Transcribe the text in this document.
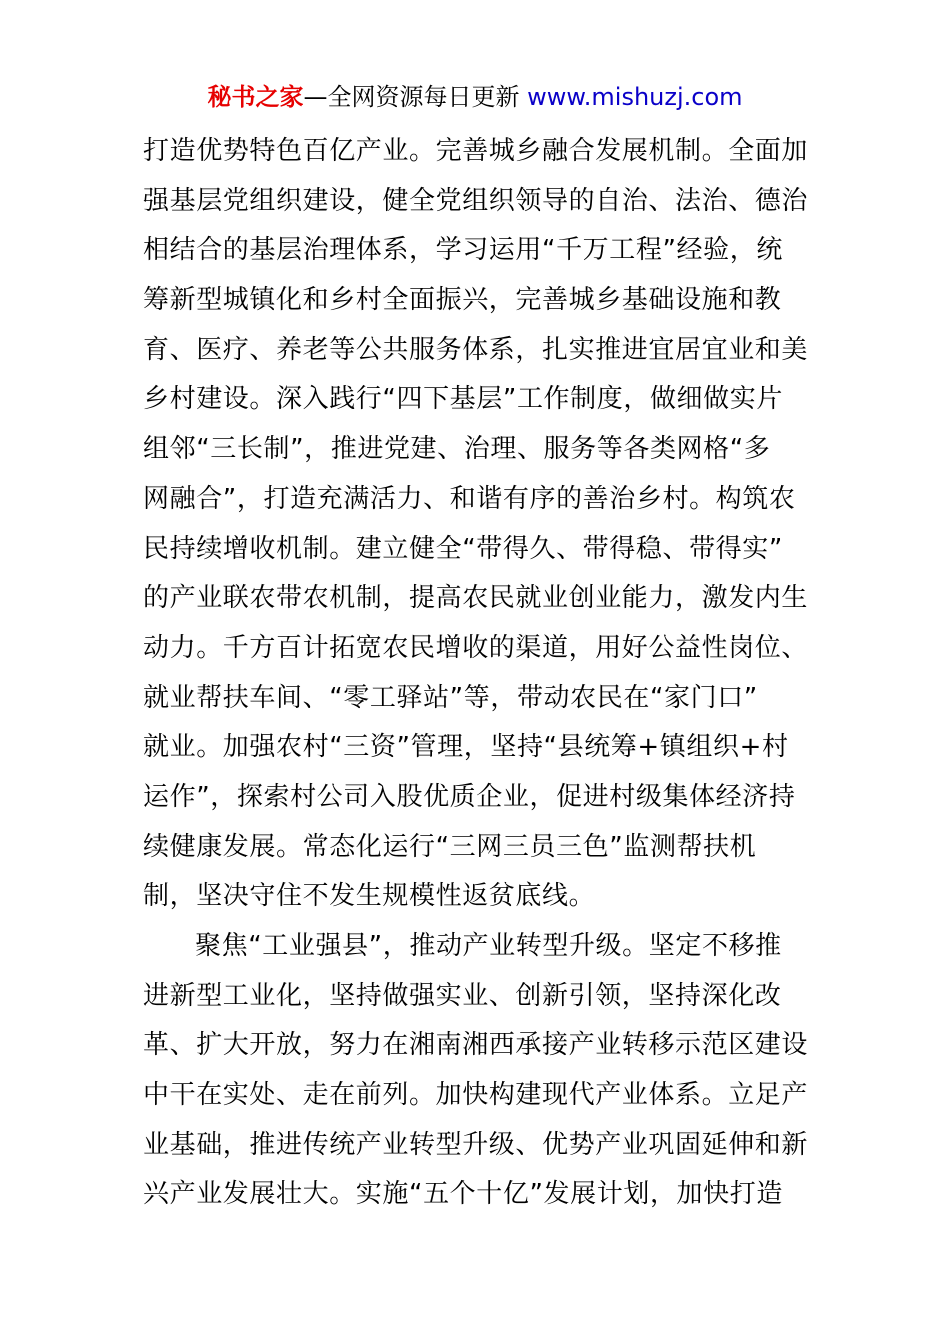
秘书之家—全网资源每日更新 www.mishuzj.com
打造优势特色百亿产业。完善城乡融合发展机制。全面加
强基层党组织建设，健全党组织领导的自治、法治、德治
相结合的基层治理体系，学习运用“千万工程”经验，统
筹新型城镇化和乡村全面振兴，完善城乡基础设施和教
育、医疗、养老等公共服务体系，扎实推进宜居宜业和美
乡村建设。深入践行“四下基层”工作制度，做细做实片
组邻“三长制”，推进党建、治理、服务等各类网格“多
网融合”，打造充满活力、和谐有序的善治乡村。构筑农
民持续增收机制。建立健全“带得久、带得稳、带得实”
的产业联农带农机制，提高农民就业创业能力，激发内生
动力。千方百计拓宽农民增收的渠道，用好公益性岗位、
就业帮扶车间、“零工驿站”等，带动农民在“家门口”
就业。加强农村“三资”管理，坚持“县统筹+镇组织+村
运作”，探索村公司入股优质企业，促进村级集体经济持
续健康发展。常态化运行“三网三员三色”监测帮扶机
制，坚决守住不发生规模性返贫底线。
聚焦“工业强县”，推动产业转型升级。坚定不移推
进新型工业化，坚持做强实业、创新引领，坚持深化改
革、扩大开放，努力在湘南湘西承接产业转移示范区建设
中干在实处、走在前列。加快构建现代产业体系。立足产
业基础，推进传统产业转型升级、优势产业巩固延伸和新
兴产业发展壮大。实施“五个十亿”发展计划，加快打造
